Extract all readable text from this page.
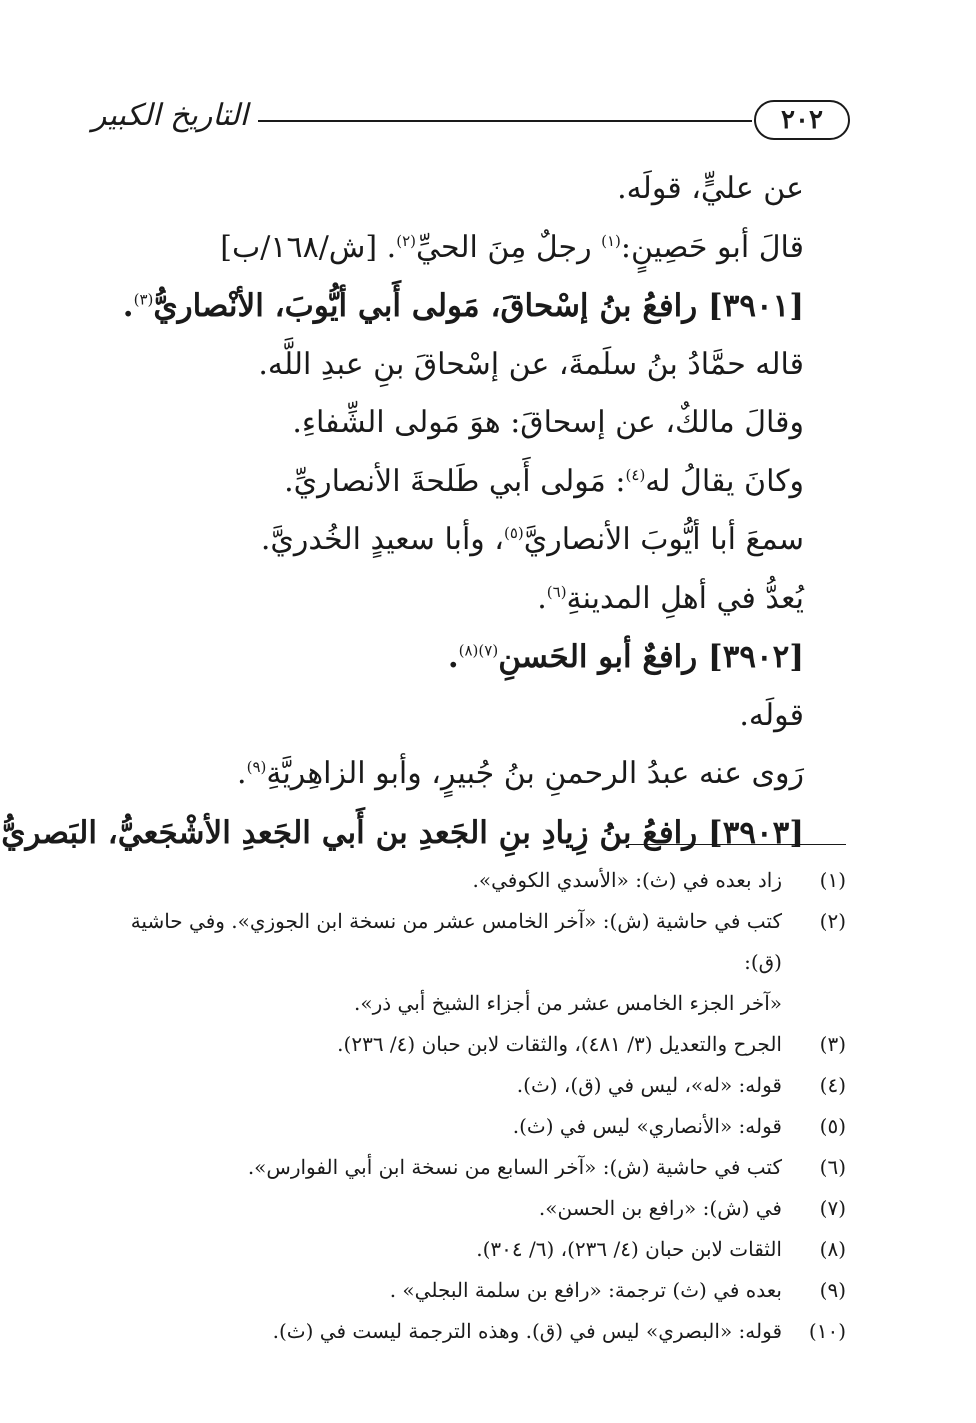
٢٠٢
التاريخ الكبير
عن عليٍّ، قولَه.
قالَ أبو حَصِينٍ:$^{(١)}$ رجلٌ مِنَ الحيِّ$^{(٢)}$. [ش/١٦٨/ب]
[٣٩٠١] رافعُ بنُ إسْحاقَ، مَولى أَبي أيُّوبَ، الأنْصاريُّ$^{(٣)}$.
قاله حمَّادُ بنُ سلَمةَ، عن إسْحاقَ بنِ عبدِ اللَّه.
وقالَ مالكٌ، عن إسحاقَ: هوَ مَولى الشِّفاءِ.
وكانَ يقالُ له$^{(٤)}$: مَولى أَبي طَلحةَ الأنصاريِّ.
سمعَ أبا أيُّوبَ الأنصاريَّ$^{(٥)}$، وأبا سعيدٍ الخُدريَّ.
يُعدُّ في أهلِ المدينةِ$^{(٦)}$.
[٣٩٠٢] رافعٌ أبو الحَسنِ$^{(٧)(٨)}$.
قولَه.
رَوى عنه عبدُ الرحمنِ بنُ جُبيرٍ، وأبو الزاهِريَّةِ$^{(٩)}$.
[٣٩٠٣] رافعُ بنُ زِيادِ بنِ الجَعدِ بن أَبي الجَعدِ الأشْجَعيُّ، البَصريُّ
(١)
زاد بعده في (ث): «الأسدي الكوفي».
(٢)
كتب في حاشية (ش): «آخر الخامس عشر من نسخة ابن الجوزي». وفي حاشية (ق):
«آخر الجزء الخامس عشر من أجزاء الشيخ أبي ذر».
(٣)
الجرح والتعديل (٣/ ٤٨١)، والثقات لابن حبان (٤/ ٢٣٦).
(٤)
قوله: «له»، ليس في (ق)، (ث).
(٥)
قوله: «الأنصاري» ليس في (ث).
(٦)
كتب في حاشية (ش): «آخر السابع من نسخة ابن أبي الفوارس».
(٧)
في (ش): «رافع بن الحسن».
(٨)
الثقات لابن حبان (٤/ ٢٣٦)، (٦/ ٣٠٤).
(٩)
بعده في (ث) ترجمة: «رافع بن سلمة البجلي» .
(١٠)
قوله: «البصري» ليس في (ق). وهذه الترجمة ليست في (ث).
